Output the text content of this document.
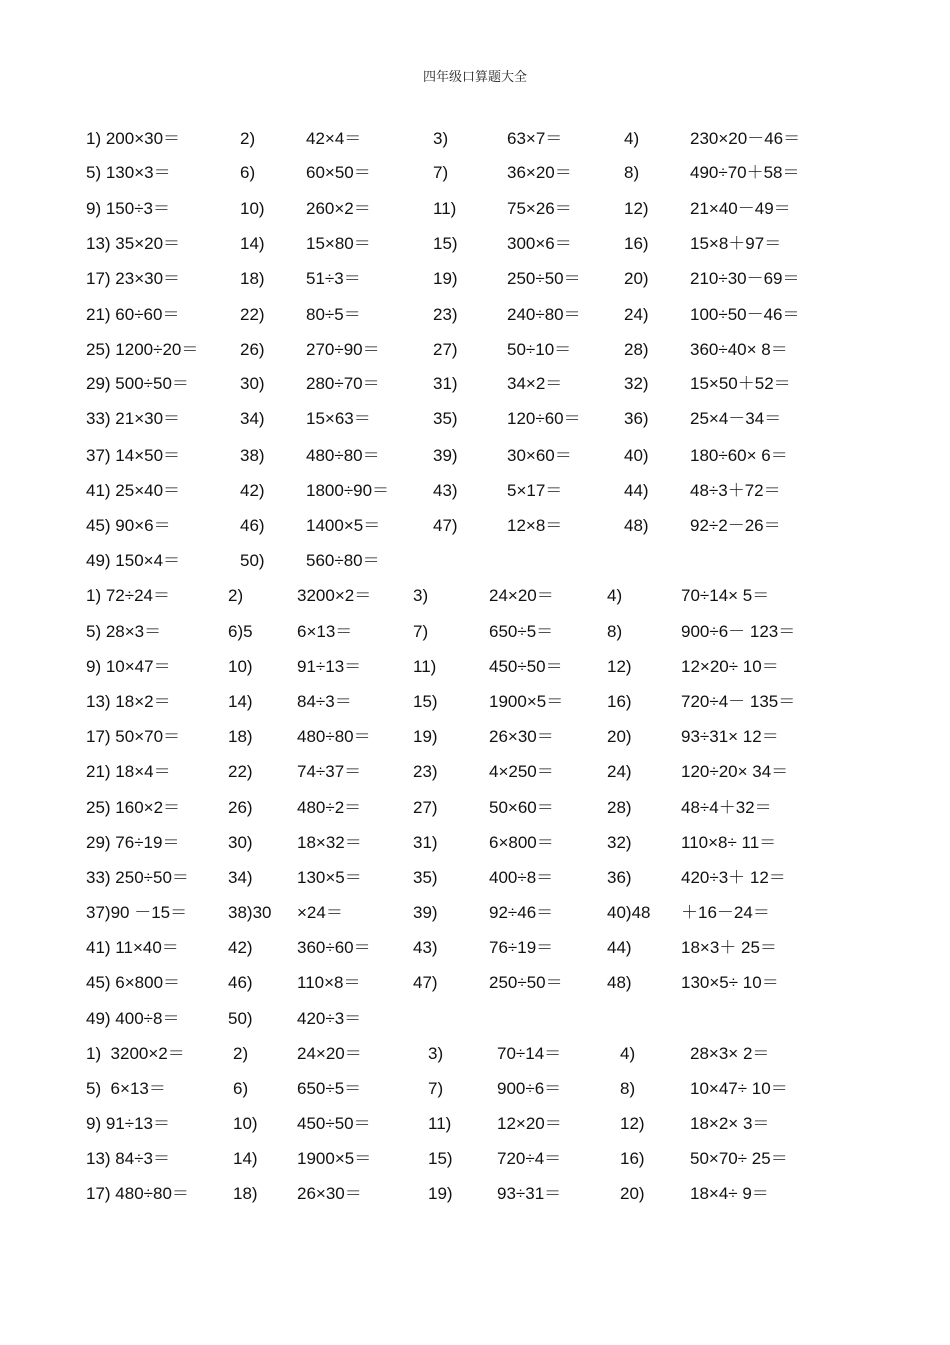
四年级口算题大全
1) 200×30＝	2)	42×4＝	3)	63×7＝	4)	230×20－46＝
5) 130×3＝	6)	60×50＝	7)	36×20＝	8)	490÷70＋58＝
9) 150÷3＝	10) 260×2＝	11)	75×26＝	12) 21×40－49＝
13) 35×20＝	14) 15×80＝	15)	300×6＝	16) 15×8＋97＝
17) 23×30＝	18) 51÷3＝	19)	250÷50＝	20) 210÷30－69＝
21) 60÷60＝	22) 80÷5＝	23)	240÷80＝	24) 100÷50－46＝
25) 1200÷20＝ 26) 270÷90＝	27)	50÷10＝	28) 360÷40× 8＝
29) 500÷50＝	30) 280÷70＝	31)	34×2＝	32) 15×50＋52＝
33) 21×30＝	34) 15×63＝	35)	120÷60＝	36) 25×4－34＝
37) 14×50＝	38) 480÷80＝	39)	30×60＝	40) 180÷60× 6＝
41) 25×40＝	42) 1800÷90＝	43)	5×17＝	44) 48÷3＋72＝
45) 90×6＝	46) 1400×5＝	47)	12×8＝	48) 92÷2－26＝
49) 150×4＝	50) 560÷80＝
1) 72÷24＝	2)	3200×2＝ 3)	24×20＝	4)	70÷14× 5＝
5) 28×3＝	6)5	6×13＝	7)	650÷5＝	8)	900÷6－ 123＝
9) 10×47＝	10)	91÷13＝	11)	450÷50＝	12)	12×20÷ 10＝
13) 18×2＝	14)	84÷3＝	15)	1900×5＝	16)	720÷4－ 135＝
17) 50×70＝	18)	480÷80＝ 19)	26×30＝	20)	93÷31× 12＝
21) 18×4＝	22)	74÷37＝	23)	4×250＝	24)	120÷20× 34＝
25) 160×2＝	26)	480÷2＝	27)	50×60＝	28)	48÷4＋32＝
29) 76÷19＝	30)	18×32＝	31)	6×800＝	32)	110×8÷ 11＝
33) 250÷50＝ 34)	130×5＝	35)	400÷8＝	36)	420÷3＋ 12＝
37)90 －15＝ 38)30 ×24＝	39)	92÷46＝	40)48 ＋16－24＝
41) 11×40＝	42)	360÷60＝ 43)	76÷19＝	44)	18×3＋ 25＝
45) 6×800＝	46)	110×8＝	47)	250÷50＝	48)	130×5÷ 10＝
49) 400÷8＝	50)	420÷3＝
1)  3200×2＝	2)	24×20＝	3)	70÷14＝	4)	28×3× 2＝
5)  6×13＝	6)	650÷5＝	7)	900÷6＝	8)	10×47÷ 10＝
9) 91÷13＝	10) 450÷50＝	11)	12×20＝	12)	18×2× 3＝
13) 84÷3＝	14) 1900×5＝	15)	720÷4＝	16)	50×70÷ 25＝
17) 480÷80＝	18) 26×30＝	19)	93÷31＝	20)	18×4÷ 9＝
